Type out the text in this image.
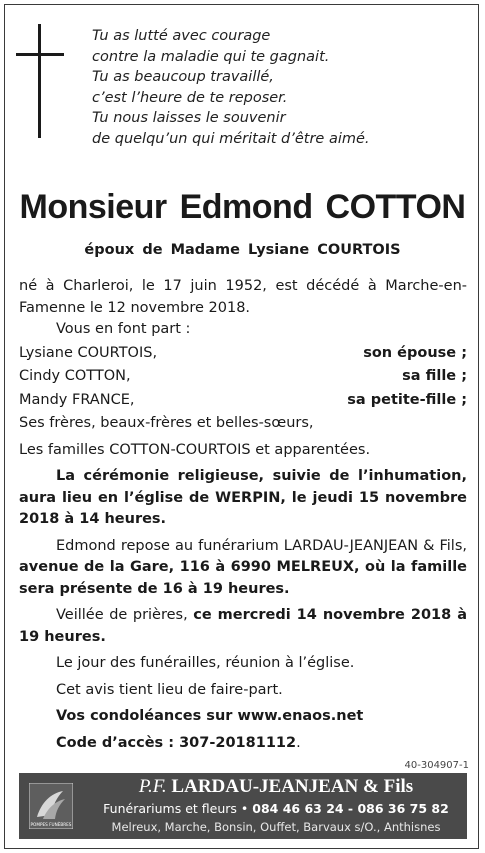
Tu as lutté avec courage
contre la maladie qui te gagnait.
Tu as beaucoup travaillé,
c’est l’heure de te reposer.
Tu nous laisses le souvenir
de quelqu’un qui méritait d’être aimé.
Monsieur Edmond COTTON
époux de Madame Lysiane COURTOIS

né à Charleroi, le 17 juin 1952, est décédé à Marche-en-Famenne le 12 novembre 2018.

Vous en font part :

Lysiane COURTOIS,	son épouse ;
Cindy COTTON,	sa fille ;
Mandy FRANCE,	sa petite-fille ;

Ses frères, beaux-frères et belles-sœurs,

Les familles COTTON-COURTOIS et apparentées.

La cérémonie religieuse, suivie de l’inhumation, aura lieu en l’église de WERPIN, le jeudi 15 novembre 2018 à 14 heures.

Edmond repose au funérarium LARDAU-JEANJEAN & Fils, avenue de la Gare, 116 à 6990 MELREUX, où la famille sera présente de 16 à 19 heures.

Veillée de prières, ce mercredi 14 novembre 2018 à 19 heures.

Le jour des funérailles, réunion à l’église.

Cet avis tient lieu de faire-part.

Vos condoléances sur www.enaos.net

Code d’accès : 307-20181112.

40-304907-1
POMPES FUNÈBRES
P.F. LARDAU-JEANJEAN & Fils
Funérariums et fleurs • 084 46 63 24 - 086 36 75 82
Melreux, Marche, Bonsin, Ouffet, Barvaux s/O., Anthisnes
